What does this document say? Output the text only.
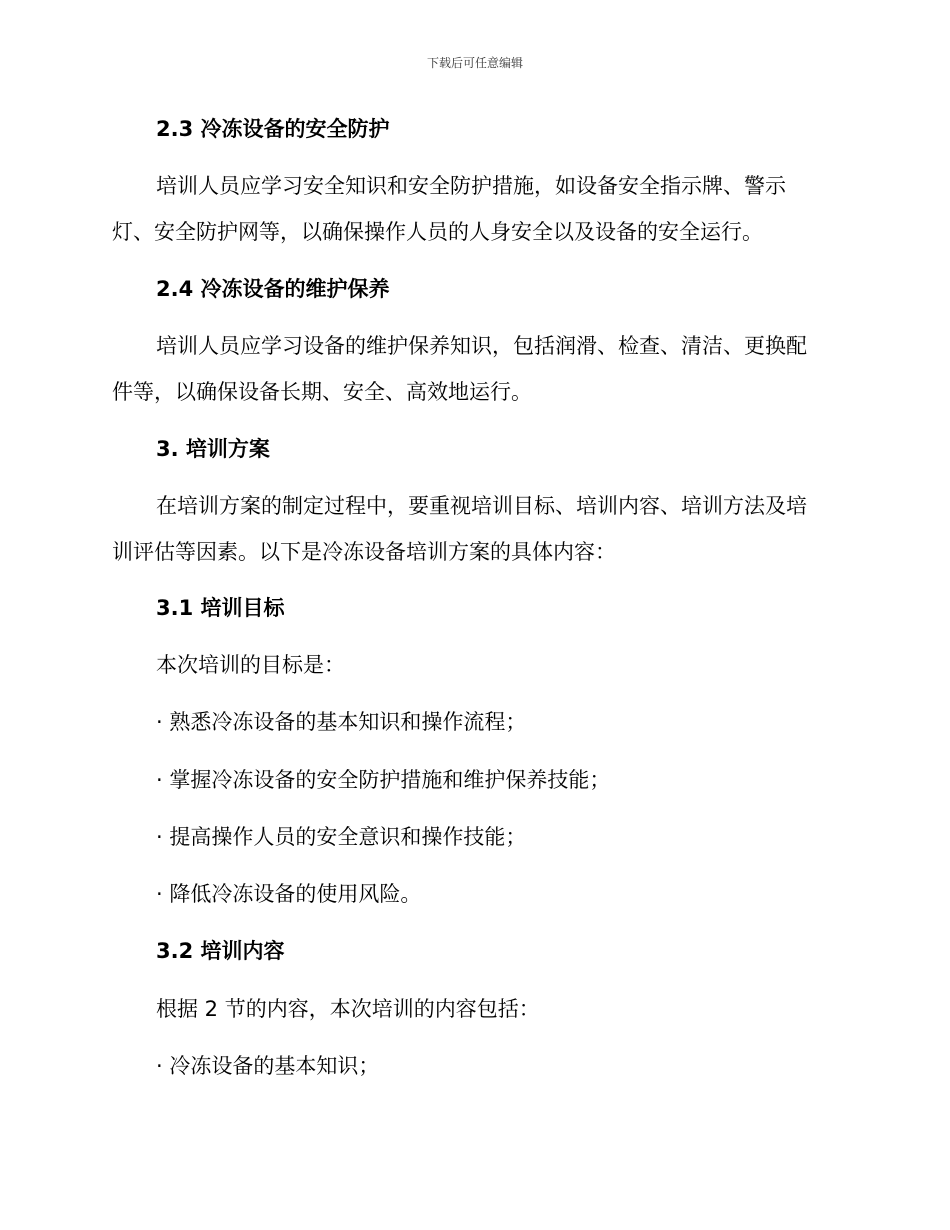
下载后可任意编辑
2.3 冷冻设备的安全防护
培训人员应学习安全知识和安全防护措施，如设备安全指示牌、警示
灯、安全防护网等，以确保操作人员的人身安全以及设备的安全运行。
2.4 冷冻设备的维护保养
培训人员应学习设备的维护保养知识，包括润滑、检查、清洁、更换配
件等，以确保设备长期、安全、高效地运行。
3. 培训方案
在培训方案的制定过程中，要重视培训目标、培训内容、培训方法及培
训评估等因素。以下是冷冻设备培训方案的具体内容：
3.1 培训目标
本次培训的目标是：
· 熟悉冷冻设备的基本知识和操作流程；
· 掌握冷冻设备的安全防护措施和维护保养技能；
· 提高操作人员的安全意识和操作技能；
· 降低冷冻设备的使用风险。
3.2 培训内容
根据 2 节的内容，本次培训的内容包括：
· 冷冻设备的基本知识；
